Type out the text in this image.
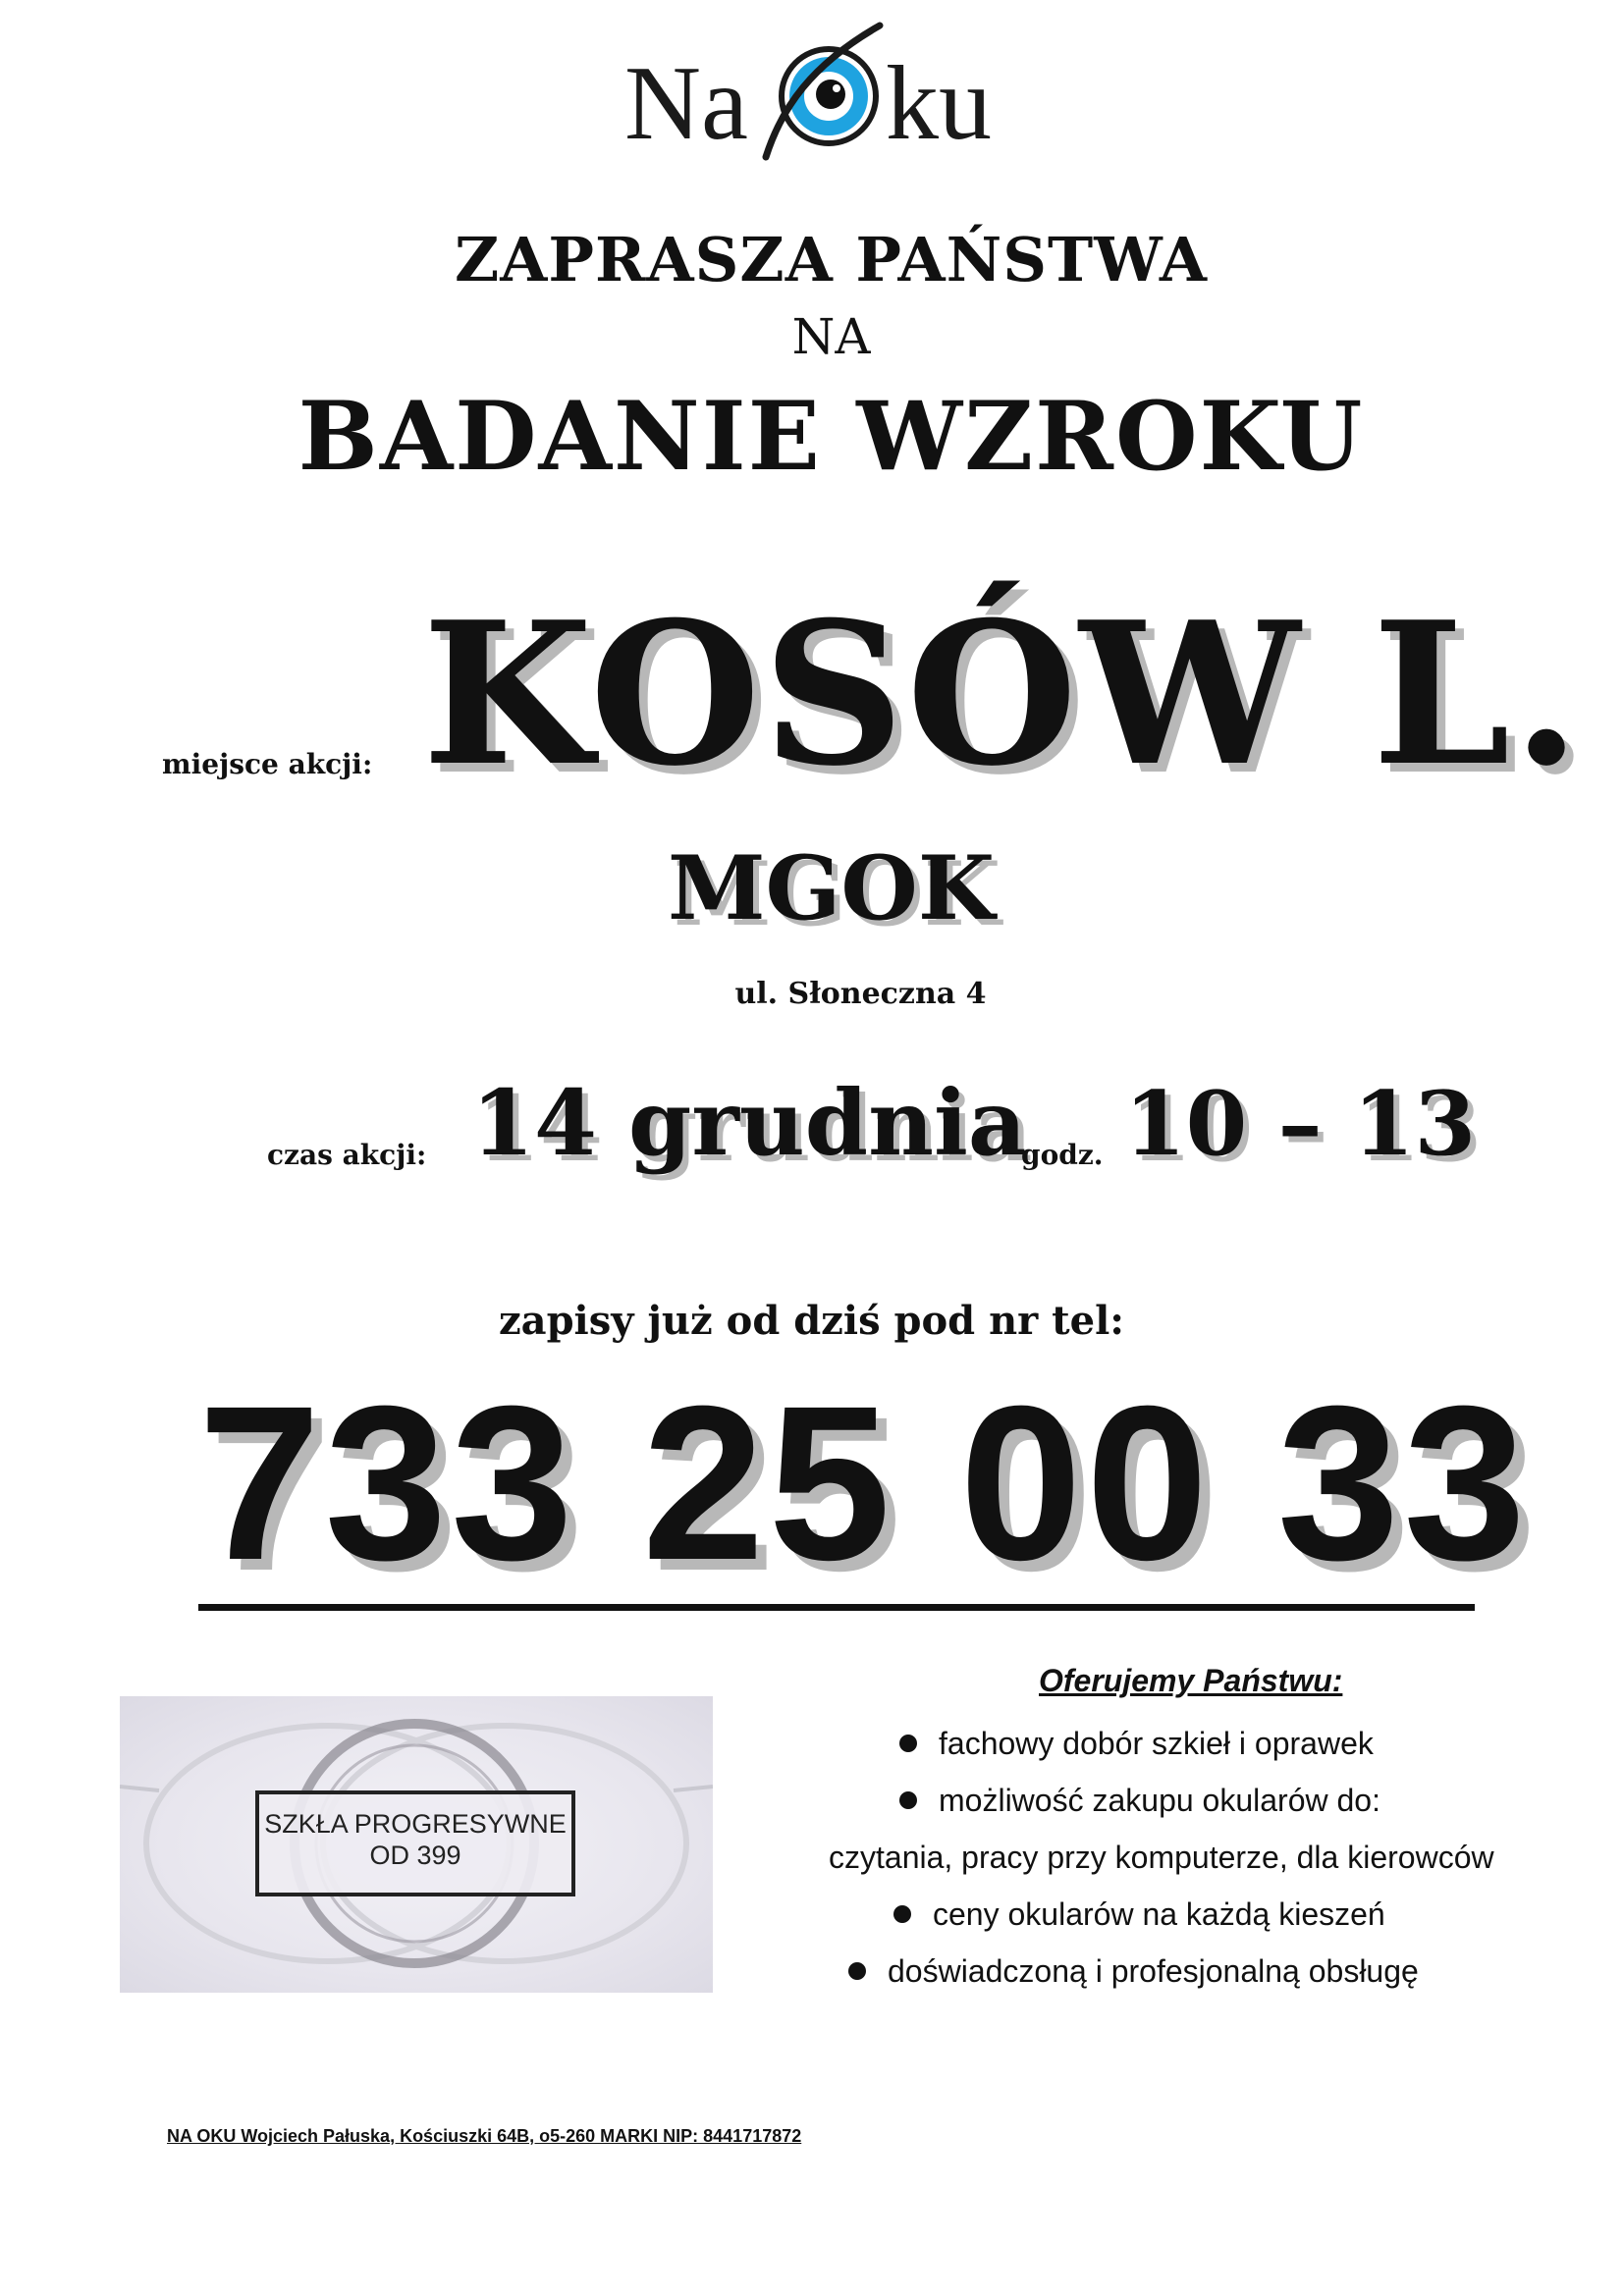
Na ku
ZAPRASZA PAŃSTWA
NA
BADANIE WZROKU
miejsce akcji: KOSÓW L.
MGOK
ul. Słoneczna 4
czas akcji: 14 grudnia
godz. 10 – 13
zapisy już od dziś pod nr tel:
733 25 00 33
SZKŁA PROGRESYWNE
OD 399
Oferujemy Państwu:
fachowy dobór szkieł i oprawek
możliwość zakupu okularów do:
czytania, pracy przy komputerze, dla kierowców
ceny okularów na każdą kieszeń
doświadczoną i profesjonalną obsługę
NA OKU Wojciech Pałuska, Kościuszki 64B, o5-260 MARKI NIP: 8441717872
